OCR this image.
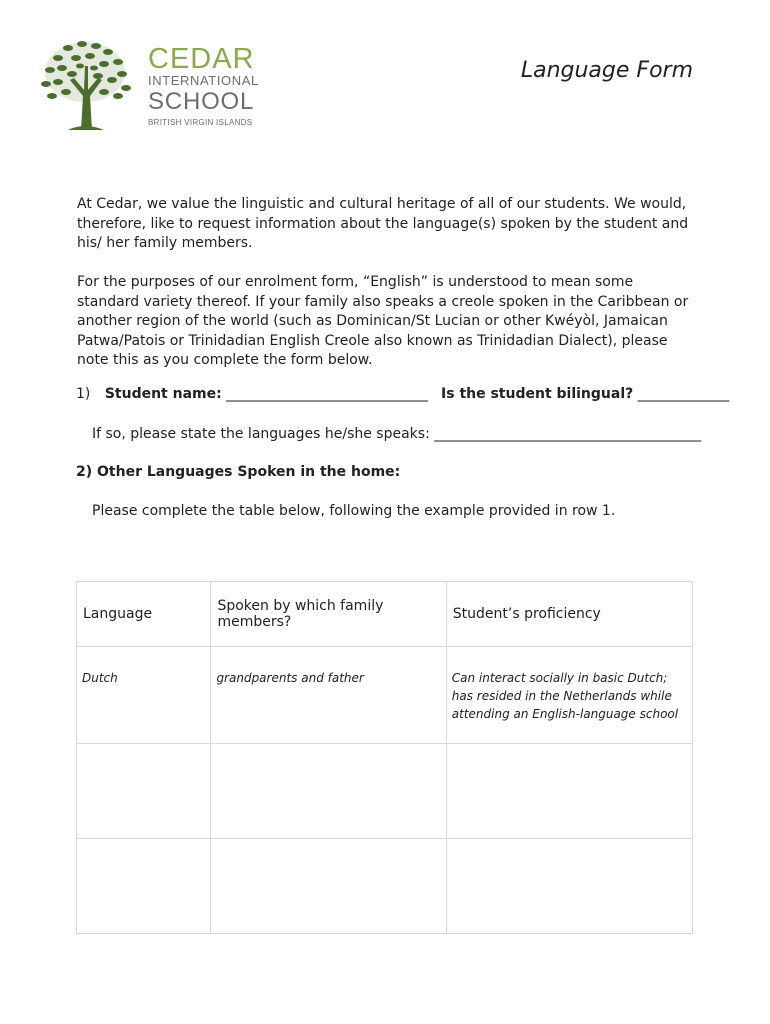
CEDAR
INTERNATIONAL
SCHOOL
BRITISH VIRGIN ISLANDS
Language Form
At Cedar, we value the linguistic and cultural heritage of all of our students. We would, therefore, like to request information about the language(s) spoken by the student and his/ her family members.
For the purposes of our enrolment form, “English” is understood to mean some standard variety thereof. If your family also speaks a creole spoken in the Caribbean or another region of the world (such as Dominican/St Lucian or other Kwéyòl, Jamaican Patwa/Patois or Trinidadian English Creole also known as Trinidadian Dialect), please note this as you complete the form below.
1) Student name: _______________________________ Is the student bilingual? ______________
If so, please state the languages he/she speaks: _________________________________________
2) Other Languages Spoken in the home:
Please complete the table below, following the example provided in row 1.
Language	Spoken by which family members?	Student’s proficiency
Dutch	grandparents and father	Can interact socially in basic Dutch; has resided in the Netherlands while attending an English-language school
